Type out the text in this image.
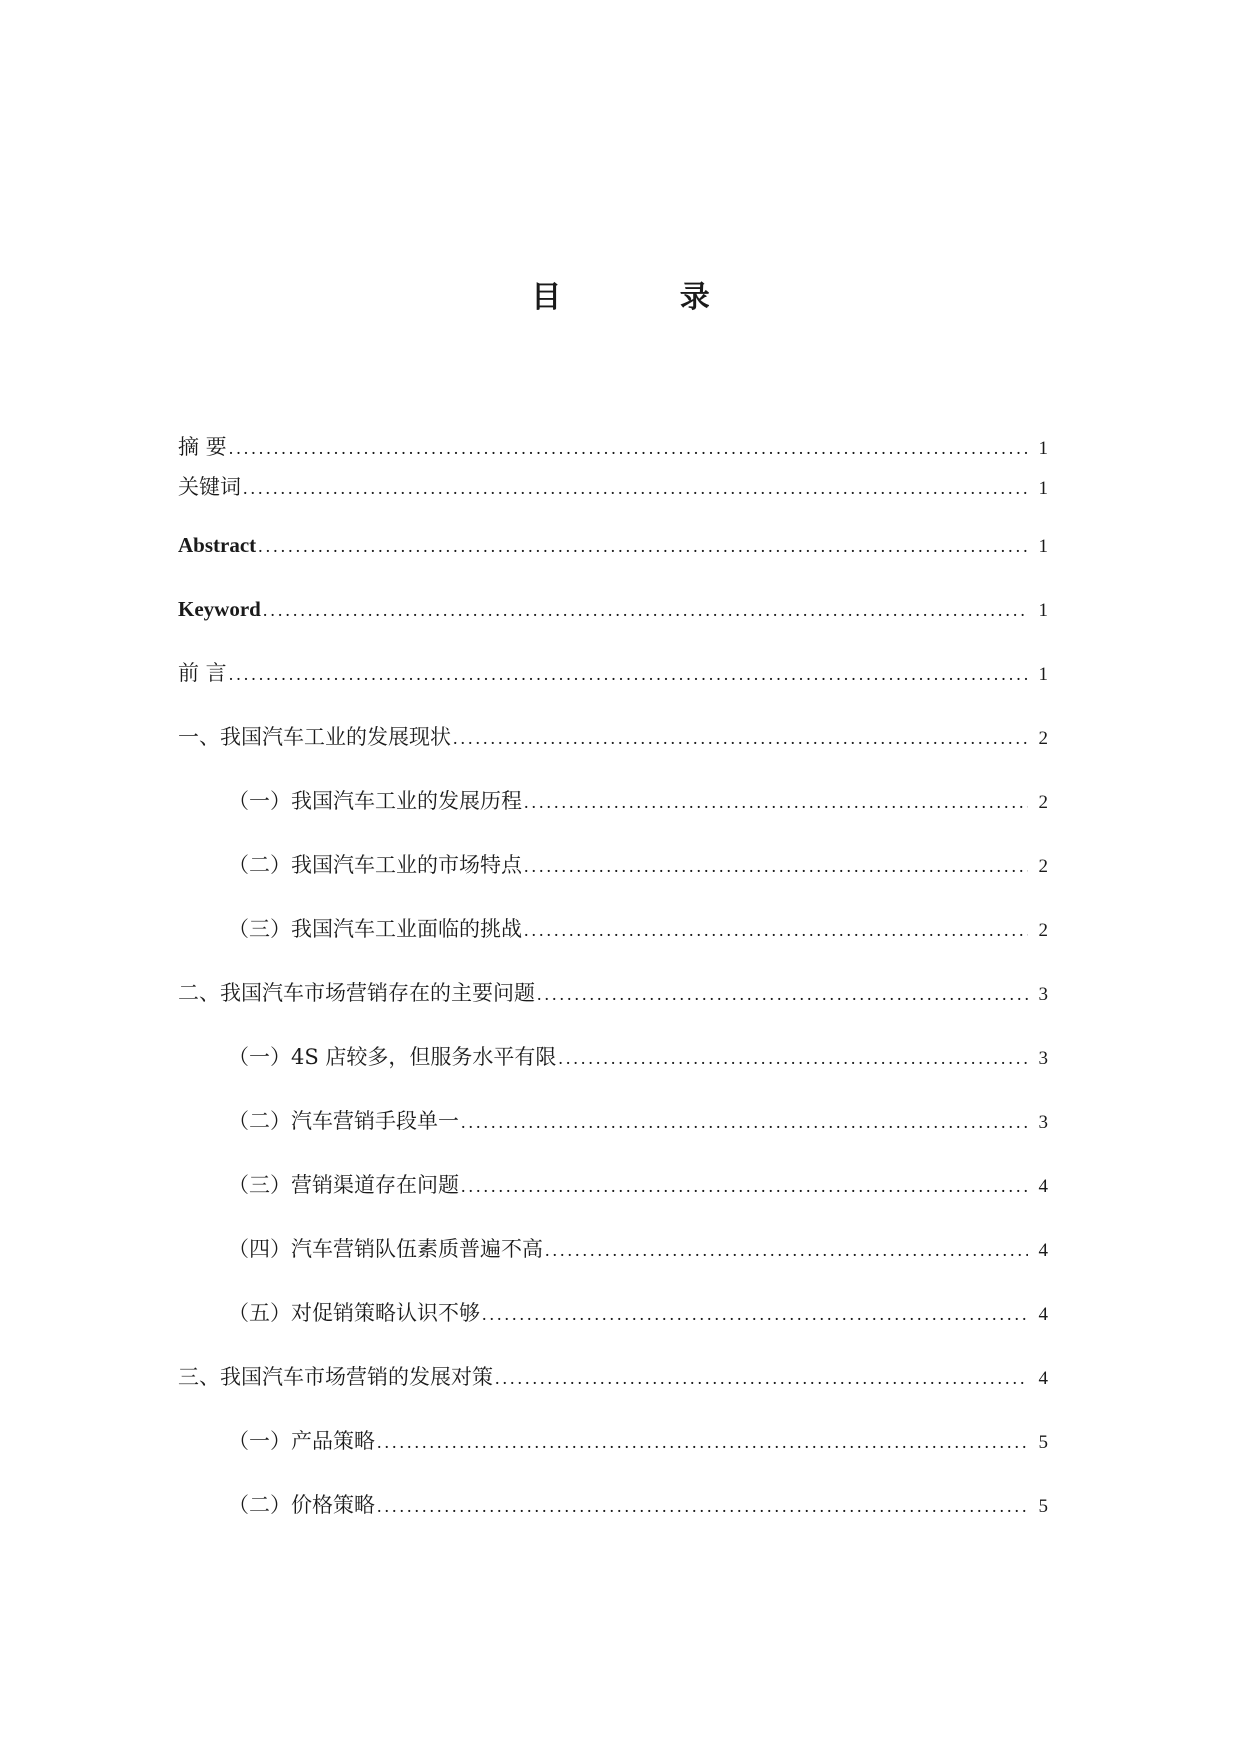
目 录
摘 要 .....	1
关键词 .....	1
Abstract .....	1
Keyword .....	1
前 言 .....	1
一、我国汽车工业的发展现状 .....	2
（一）我国汽车工业的发展历程 .....	2
（二）我国汽车工业的市场特点 .....	2
（三）我国汽车工业面临的挑战 .....	2
二、我国汽车市场营销存在的主要问题 .....	3
（一）4S 店较多，但服务水平有限 .....	3
（二）汽车营销手段单一 .....	3
（三）营销渠道存在问题 .....	4
（四）汽车营销队伍素质普遍不高 .....	4
（五）对促销策略认识不够 .....	4
三、我国汽车市场营销的发展对策 .....	4
（一）产品策略 .....	5
（二）价格策略 .....	5
